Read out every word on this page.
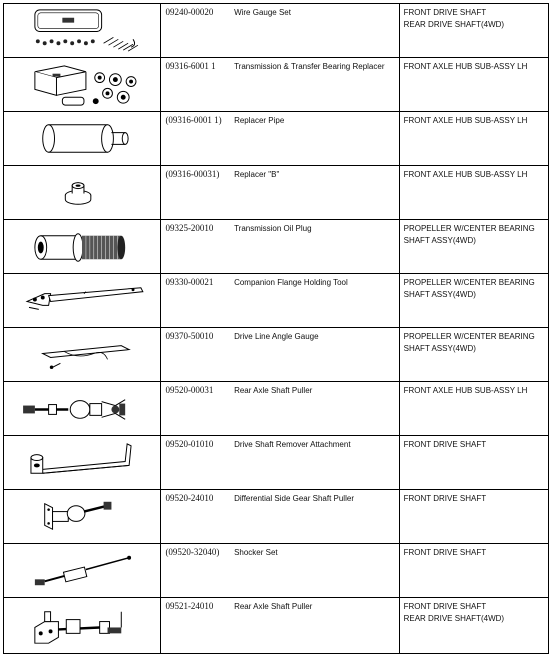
09240-00020	Wire Gauge Set	FRONT DRIVE SHAFT
REAR DRIVE SHAFT(4WD)

09316-6001 1	Transmission & Transfer Bearing Replacer	FRONT AXLE HUB SUB-ASSY LH

(09316-0001 1)	Replacer Pipe	FRONT AXLE HUB SUB-ASSY LH

(09316-00031)	Replacer "B"	FRONT AXLE HUB SUB-ASSY LH

09325-20010	Transmission Oil Plug	PROPELLER W/CENTER BEARING
SHAFT ASSY(4WD)

09330-00021	Companion Flange Holding Tool	PROPELLER W/CENTER BEARING
SHAFT ASSY(4WD)

09370-50010	Drive Line Angle Gauge	PROPELLER W/CENTER BEARING
SHAFT ASSY(4WD)

09520-00031	Rear Axle Shaft Puller	FRONT AXLE HUB SUB-ASSY LH

09520-01010	Drive Shaft Remover Attachment	FRONT DRIVE SHAFT

09520-24010	Differential Side Gear Shaft Puller	FRONT DRIVE SHAFT

(09520-32040)	Shocker Set	FRONT DRIVE SHAFT

09521-24010	Rear Axle Shaft Puller	FRONT DRIVE SHAFT
REAR DRIVE SHAFT(4WD)
